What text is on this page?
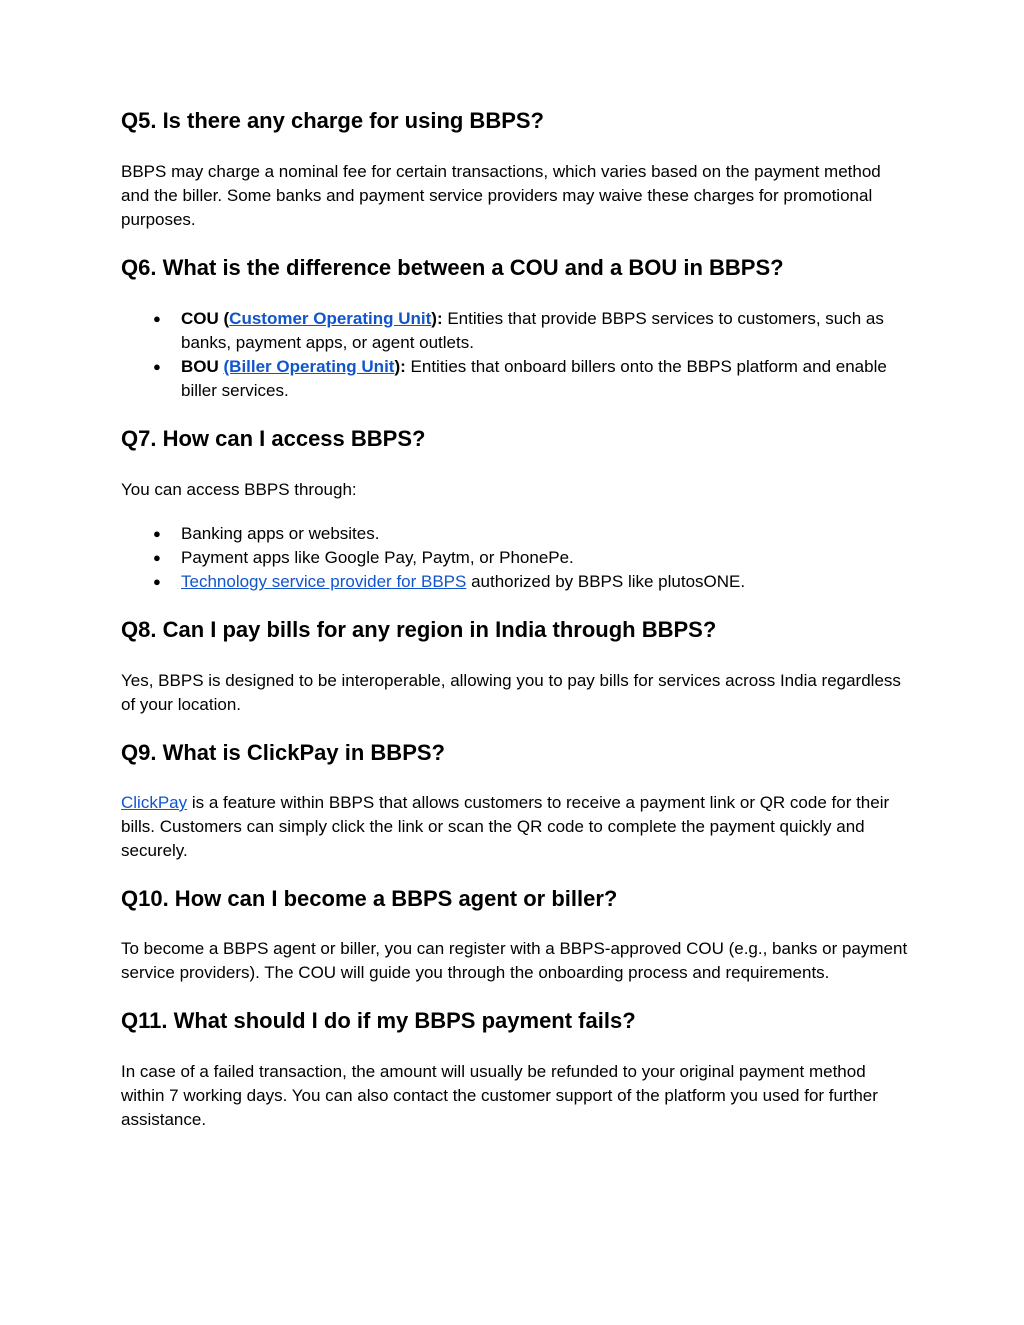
Q5. Is there any charge for using BBPS?

BBPS may charge a nominal fee for certain transactions, which varies based on the payment method and the biller. Some banks and payment service providers may waive these charges for promotional purposes.

Q6. What is the difference between a COU and a BOU in BBPS?
● COU (Customer Operating Unit): Entities that provide BBPS services to customers, such as banks, payment apps, or agent outlets.
● BOU (Biller Operating Unit): Entities that onboard billers onto the BBPS platform and enable biller services.
Q7. How can I access BBPS?

You can access BBPS through:

● Banking apps or websites.
● Payment apps like Google Pay, Paytm, or PhonePe.
● Technology service provider for BBPS authorized by BBPS like plutosONE.
Q8. Can I pay bills for any region in India through BBPS?

Yes, BBPS is designed to be interoperable, allowing you to pay bills for services across India regardless of your location.

Q9. What is ClickPay in BBPS?

ClickPay is a feature within BBPS that allows customers to receive a payment link or QR code for their bills. Customers can simply click the link or scan the QR code to complete the payment quickly and securely.

Q10. How can I become a BBPS agent or biller?

To become a BBPS agent or biller, you can register with a BBPS-approved COU (e.g., banks or payment service providers). The COU will guide you through the onboarding process and requirements.

Q11. What should I do if my BBPS payment fails?

In case of a failed transaction, the amount will usually be refunded to your original payment method within 7 working days. You can also contact the customer support of the platform you used for further assistance.
